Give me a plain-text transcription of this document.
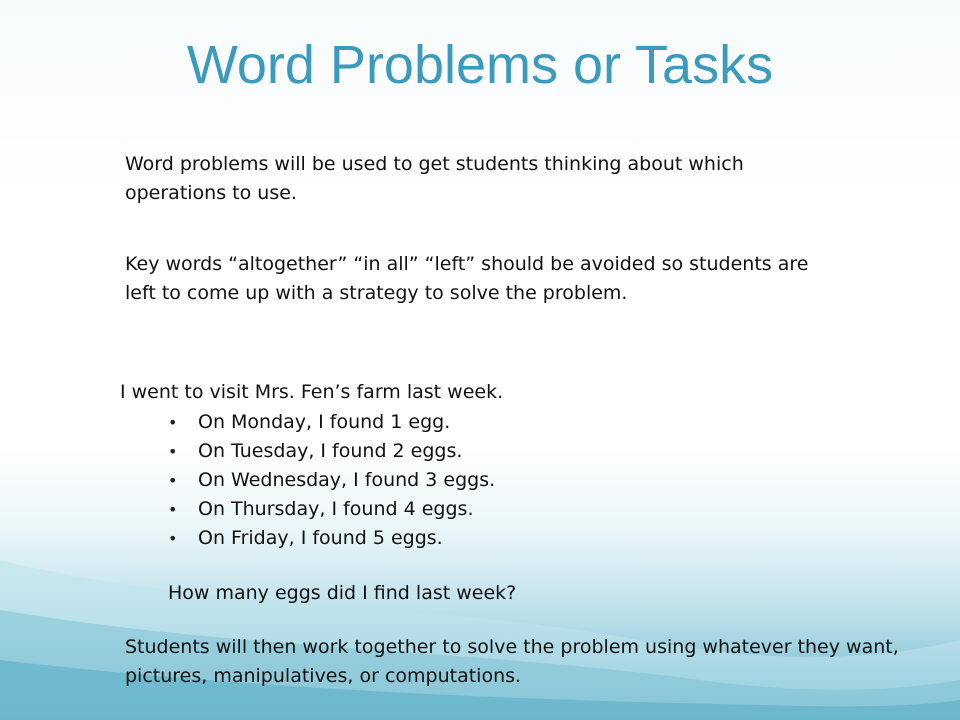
Word Problems or Tasks
Word problems will be used to get students thinking about which operations to use.
Key words “altogether” “in all” “left” should be avoided so students are left to come up with a strategy to solve the problem.
I went to visit Mrs. Fen’s farm last week.
• On Monday, I found 1 egg.
• On Tuesday, I found 2 eggs.
• On Wednesday, I found 3 eggs.
• On Thursday, I found 4 eggs.
• On Friday, I found 5 eggs.
How many eggs did I find last week?
Students will then work together to solve the problem using whatever they want, pictures, manipulatives, or computations.
